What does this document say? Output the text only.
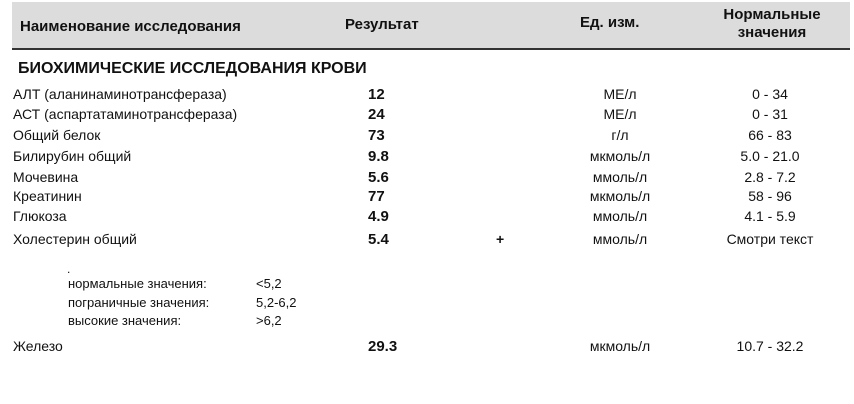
Наименование исследования	Результат	Ед. изм.	Нормальные
значения
БИОХИМИЧЕСКИЕ ИССЛЕДОВАНИЯ КРОВИ
АЛТ (аланинаминотрансфераза)	12	МЕ/л	0 - 34
АСТ (аспартатаминотрансфераза)	24	МЕ/л	0 - 31
Общий белок	73	г/л	66 - 83
Билирубин общий	9.8	мкмоль/л	5.0 - 21.0
Мочевина	5.6	ммоль/л	2.8 - 7.2
Креатинин	77	мкмоль/л	58 - 96
Глюкоза	4.9	ммоль/л	4.1 - 5.9
Холестерин общий	5.4	+	ммоль/л	Смотри текст
.
нормальные значения:	<5,2
пограничные значения:	5,2-6,2
высокие значения:	>6,2
Железо	29.3	мкмоль/л	10.7 - 32.2
